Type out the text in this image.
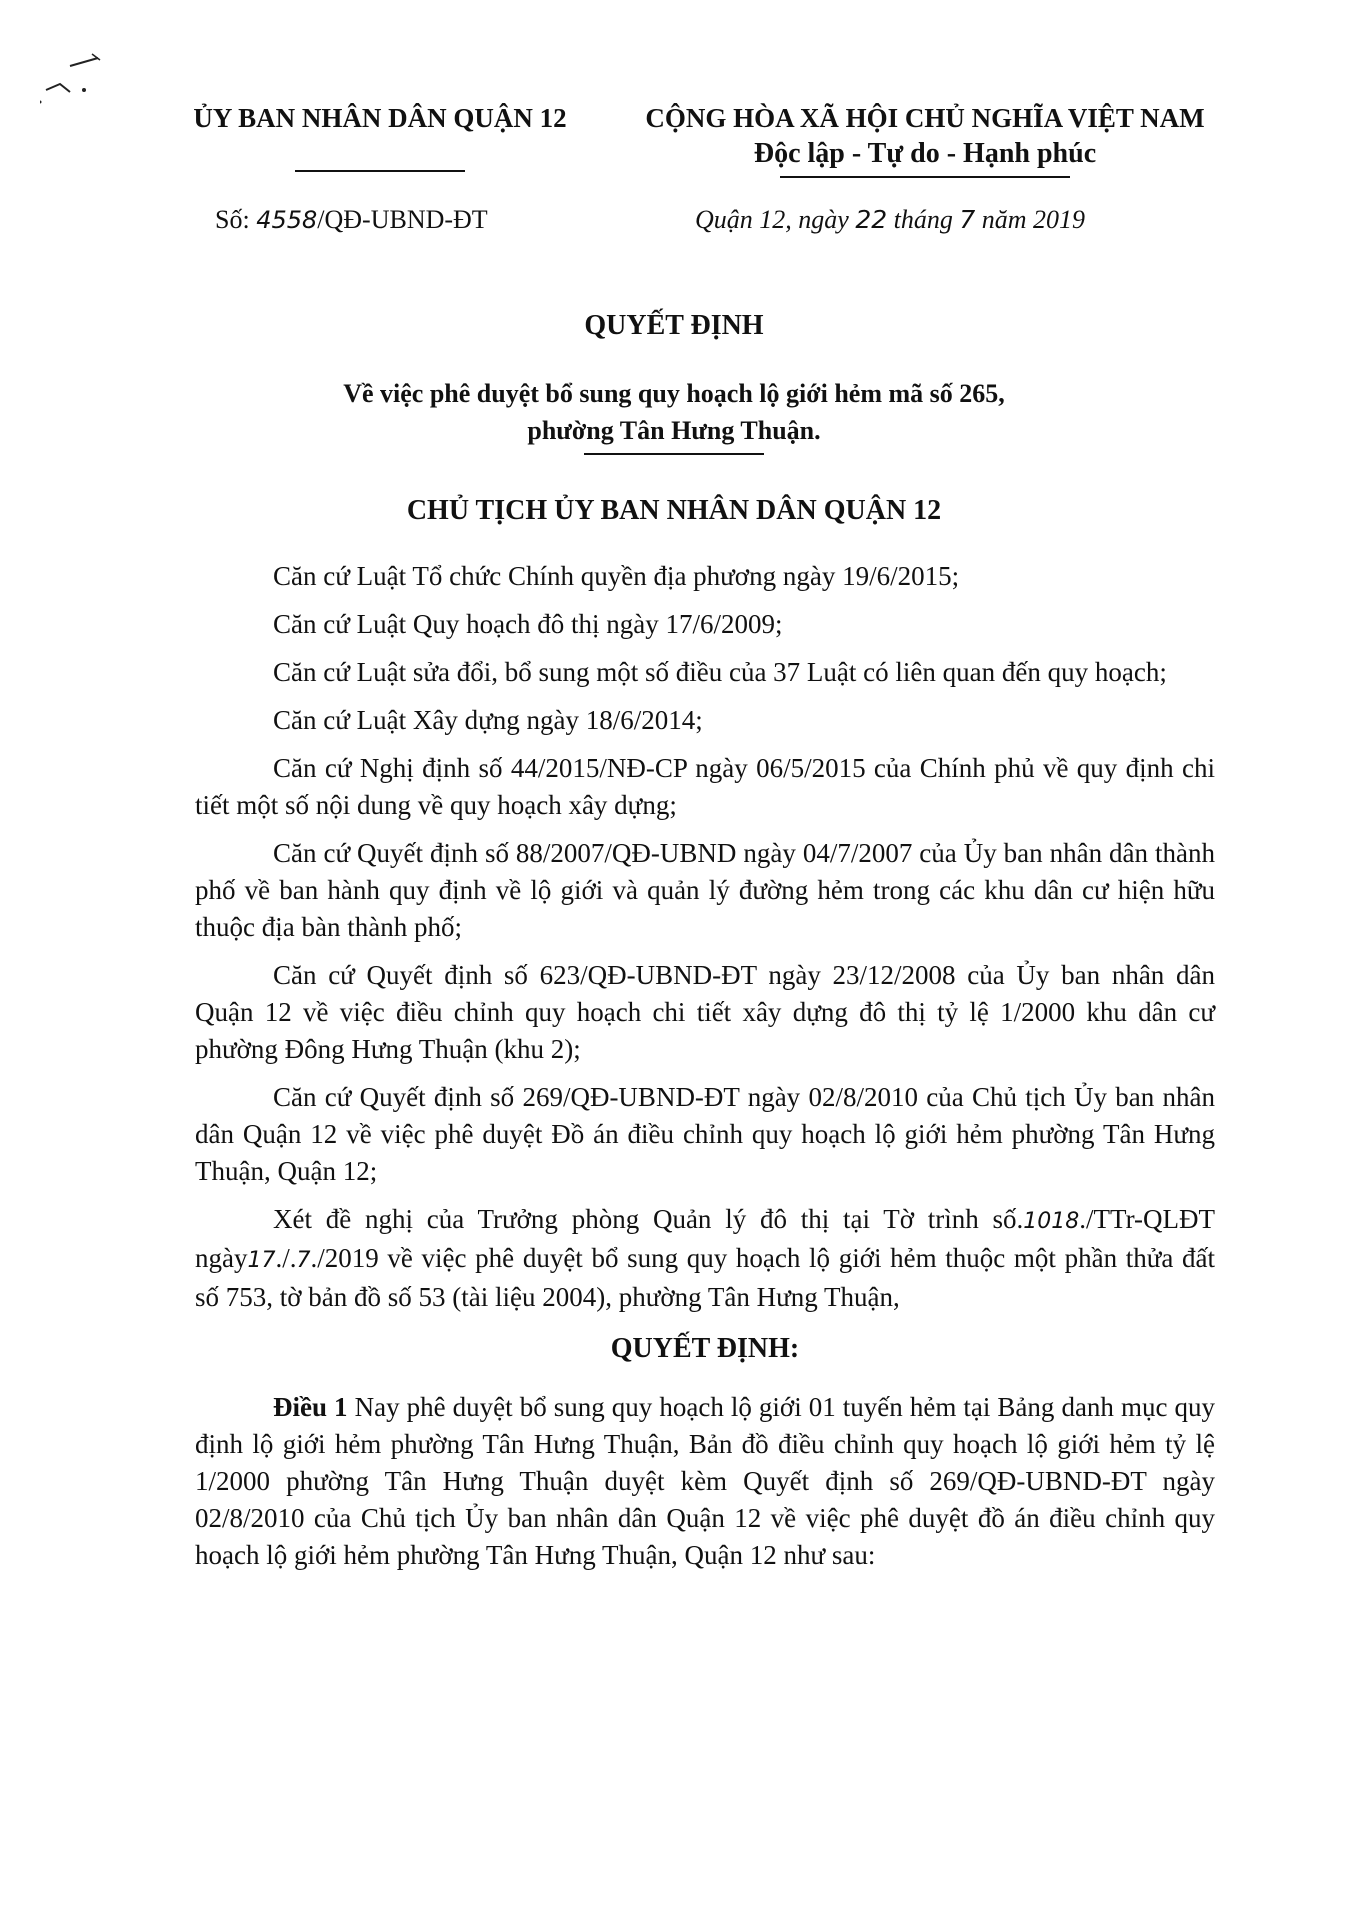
ỦY BAN NHÂN DÂN QUẬN 12	CỘNG HÒA XÃ HỘI CHỦ NGHĨA VIỆT NAM
Độc lập - Tự do - Hạnh phúc
Số: 4558/QĐ-UBND-ĐT	Quận 12, ngày 22 tháng 7 năm 2019
QUYẾT ĐỊNH
Về việc phê duyệt bổ sung quy hoạch lộ giới hẻm mã số 265,
phường Tân Hưng Thuận.
CHỦ TỊCH ỦY BAN NHÂN DÂN QUẬN 12

Căn cứ Luật Tổ chức Chính quyền địa phương ngày 19/6/2015;

Căn cứ Luật Quy hoạch đô thị ngày 17/6/2009;

Căn cứ Luật sửa đổi, bổ sung một số điều của 37 Luật có liên quan đến quy hoạch;

Căn cứ Luật Xây dựng ngày 18/6/2014;

Căn cứ Nghị định số 44/2015/NĐ-CP ngày 06/5/2015 của Chính phủ về quy định chi tiết một số nội dung về quy hoạch xây dựng;

Căn cứ Quyết định số 88/2007/QĐ-UBND ngày 04/7/2007 của Ủy ban nhân dân thành phố về ban hành quy định về lộ giới và quản lý đường hẻm trong các khu dân cư hiện hữu thuộc địa bàn thành phố;

Căn cứ Quyết định số 623/QĐ-UBND-ĐT ngày 23/12/2008 của Ủy ban nhân dân Quận 12 về việc điều chỉnh quy hoạch chi tiết xây dựng đô thị tỷ lệ 1/2000 khu dân cư phường Đông Hưng Thuận (khu 2);

Căn cứ Quyết định số 269/QĐ-UBND-ĐT ngày 02/8/2010 của Chủ tịch Ủy ban nhân dân Quận 12 về việc phê duyệt Đồ án điều chỉnh quy hoạch lộ giới hẻm phường Tân Hưng Thuận, Quận 12;

Xét đề nghị của Trưởng phòng Quản lý đô thị tại Tờ trình số.1018./TTr-QLĐT ngày17./.7./2019 về việc phê duyệt bổ sung quy hoạch lộ giới hẻm thuộc một phần thửa đất số 753, tờ bản đồ số 53 (tài liệu 2004), phường Tân Hưng Thuận,

QUYẾT ĐỊNH:

Điều 1 Nay phê duyệt bổ sung quy hoạch lộ giới 01 tuyến hẻm tại Bảng danh mục quy định lộ giới hẻm phường Tân Hưng Thuận, Bản đồ điều chỉnh quy hoạch lộ giới hẻm tỷ lệ 1/2000 phường Tân Hưng Thuận duyệt kèm Quyết định số 269/QĐ-UBND-ĐT ngày 02/8/2010 của Chủ tịch Ủy ban nhân dân Quận 12 về việc phê duyệt đồ án điều chỉnh quy hoạch lộ giới hẻm phường Tân Hưng Thuận, Quận 12 như sau:
